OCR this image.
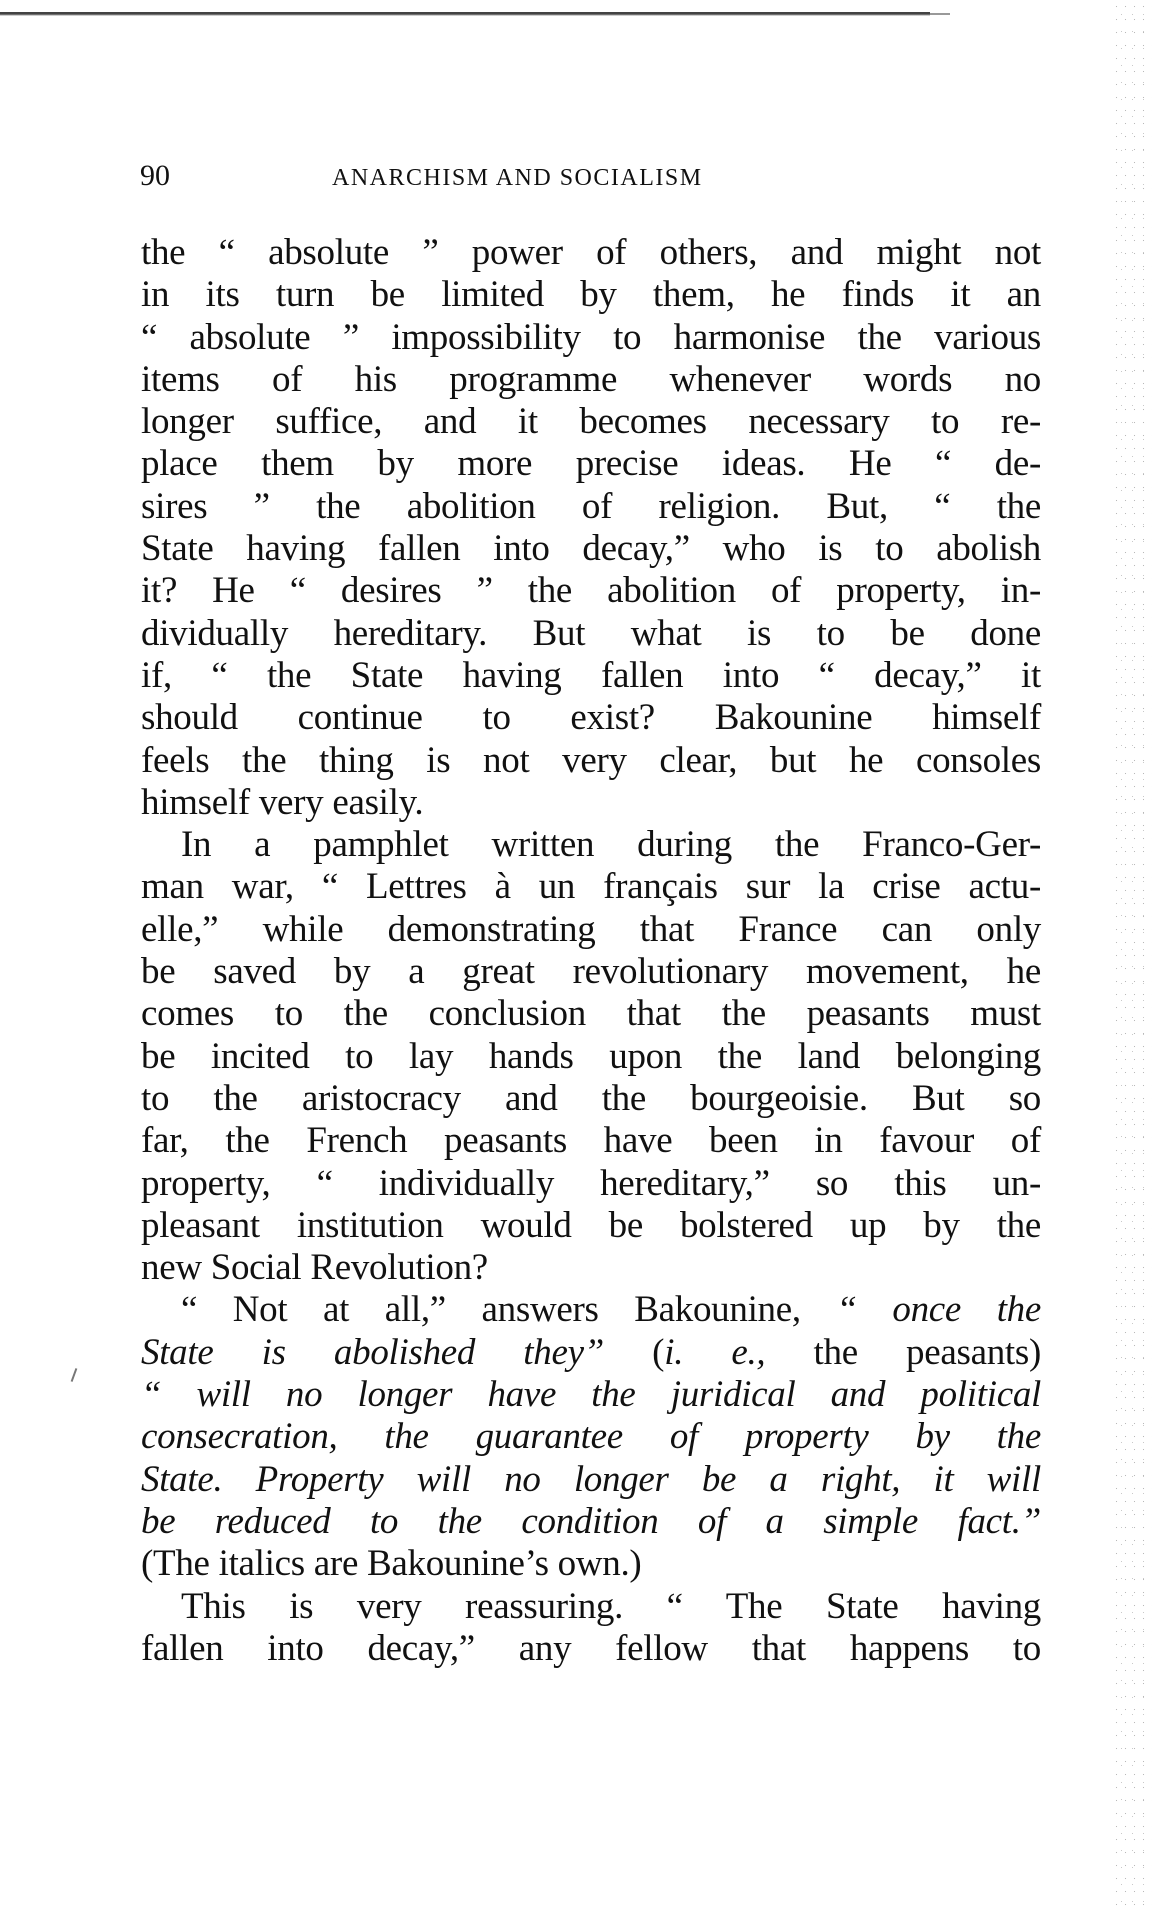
90	ANARCHISM AND SOCIALISM
the “ absolute ” power of others, and might not
in its turn be limited by them, he finds it an
“ absolute ” impossibility to harmonise the various
items of his programme whenever words no
longer suffice, and it becomes necessary to re-
place them by more precise ideas. He “ de-
sires ” the abolition of religion. But, “ the
State having fallen into decay,” who is to abolish
it? He “ desires ” the abolition of property, in-
dividually hereditary. But what is to be done
if, “ the State having fallen into “ decay,” it
should continue to exist? Bakounine himself
feels the thing is not very clear, but he consoles
himself very easily.
In a pamphlet written during the Franco-Ger-
man war, “ Lettres à un français sur la crise actu-
elle,” while demonstrating that France can only
be saved by a great revolutionary movement, he
comes to the conclusion that the peasants must
be incited to lay hands upon the land belonging
to the aristocracy and the bourgeoisie. But so
far, the French peasants have been in favour of
property, “ individually hereditary,” so this un-
pleasant institution would be bolstered up by the
new Social Revolution?
“ Not at all,” answers Bakounine, “ once the
State is abolished they” (i. e., the peasants)
“ will no longer have the juridical and political
consecration, the guarantee of property by the
State. Property will no longer be a right, it will
be reduced to the condition of a simple fact.”
(The italics are Bakounine’s own.)
This is very reassuring. “ The State having
fallen into decay,” any fellow that happens to
